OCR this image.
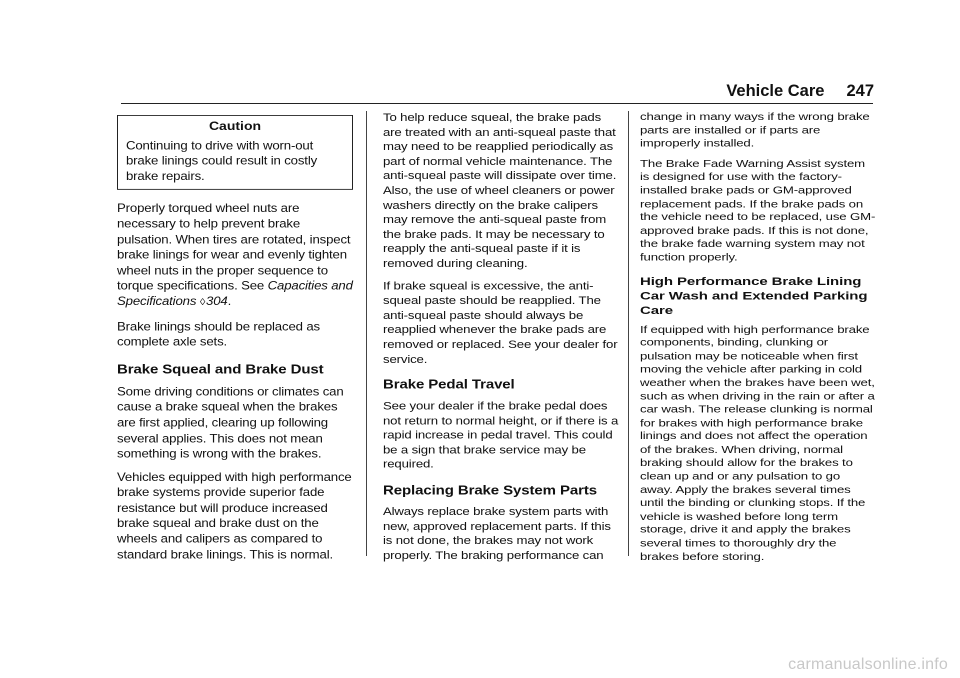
Vehicle Care 247
Caution

Continuing to drive with worn-out brake linings could result in costly brake repairs.

Properly torqued wheel nuts are necessary to help prevent brake pulsation. When tires are rotated, inspect brake linings for wear and evenly tighten wheel nuts in the proper sequence to torque specifications. See Capacities and Specifications ◊ 304.

Brake linings should be replaced as complete axle sets.

Brake Squeal and Brake Dust

Some driving conditions or climates can cause a brake squeal when the brakes are first applied, clearing up following several applies. This does not mean something is wrong with the brakes.

Vehicles equipped with high performance brake systems provide superior fade resistance but will produce increased brake squeal and brake dust on the wheels and calipers as compared to standard brake linings. This is normal.

To help reduce squeal, the brake pads are treated with an anti-squeal paste that may need to be reapplied periodically as part of normal vehicle maintenance. The anti-squeal paste will dissipate over time. Also, the use of wheel cleaners or power washers directly on the brake calipers may remove the anti-squeal paste from the brake pads. It may be necessary to reapply the anti-squeal paste if it is removed during cleaning.

If brake squeal is excessive, the anti-squeal paste should be reapplied. The anti-squeal paste should always be reapplied whenever the brake pads are removed or replaced. See your dealer for service.

Brake Pedal Travel

See your dealer if the brake pedal does not return to normal height, or if there is a rapid increase in pedal travel. This could be a sign that brake service may be required.

Replacing Brake System Parts

Always replace brake system parts with new, approved replacement parts. If this is not done, the brakes may not work properly. The braking performance can

change in many ways if the wrong brake parts are installed or if parts are improperly installed.

The Brake Fade Warning Assist system is designed for use with the factory-installed brake pads or GM-approved replacement pads. If the brake pads on the vehicle need to be replaced, use GM-approved brake pads. If this is not done, the brake fade warning system may not function properly.

High Performance Brake Lining Car Wash and Extended Parking Care

If equipped with high performance brake components, binding, clunking or pulsation may be noticeable when first moving the vehicle after parking in cold weather when the brakes have been wet, such as when driving in the rain or after a car wash. The release clunking is normal for brakes with high performance brake linings and does not affect the operation of the brakes. When driving, normal braking should allow for the brakes to clean up and or any pulsation to go away. Apply the brakes several times until the binding or clunking stops. If the vehicle is washed before long term storage, drive it and apply the brakes several times to thoroughly dry the brakes before storing.

carmanualsonline.info
